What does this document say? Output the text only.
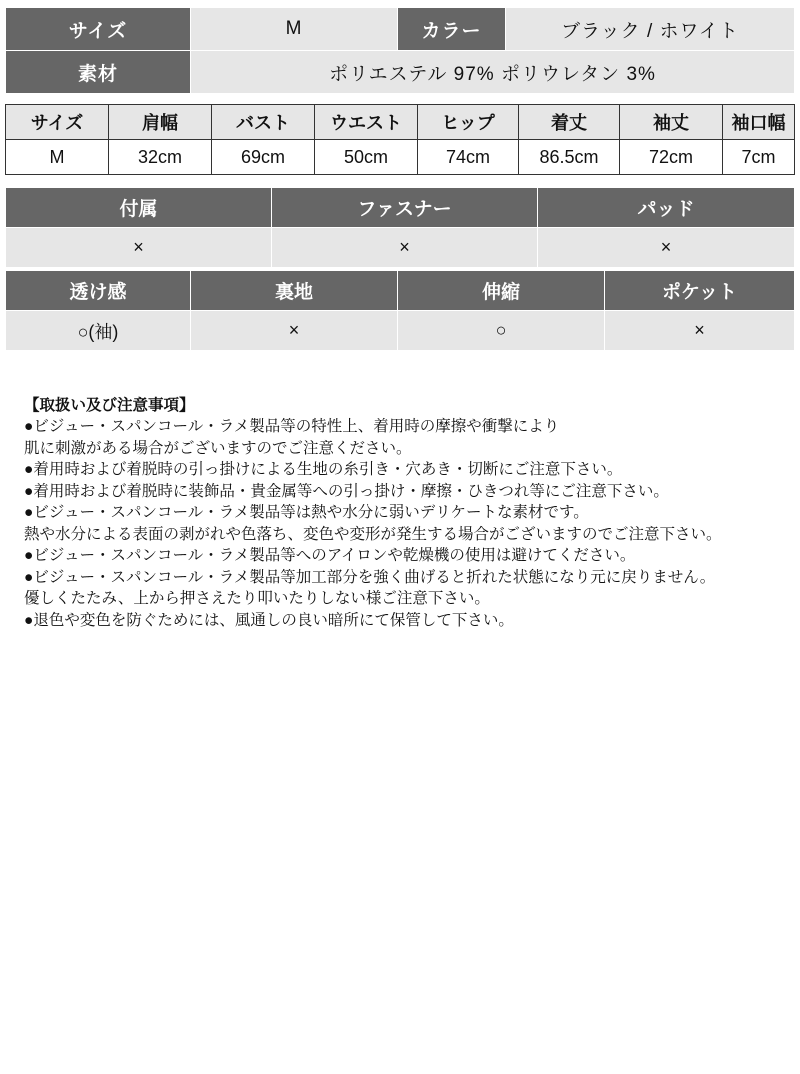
サイズ	M	カラー	ブラック / ホワイト
素材	ポリエステル 97% ポリウレタン 3%		
サイズ	肩幅	バスト	ウエスト	ヒップ	着丈	袖丈	袖口幅
M	32cm	69cm	50cm	74cm	86.5cm	72cm	7cm
付属	ファスナー	パッド
×	×	×
透け感	裏地	伸縮	ポケット
○(袖)	×	○	×
【取扱い及び注意事項】
●ビジュー・スパンコール・ラメ製品等の特性上、着用時の摩擦や衝撃により
肌に刺激がある場合がございますのでご注意ください。
●着用時および着脱時の引っ掛けによる生地の糸引き・穴あき・切断にご注意下さい。
●着用時および着脱時に装飾品・貴金属等への引っ掛け・摩擦・ひきつれ等にご注意下さい。
●ビジュー・スパンコール・ラメ製品等は熱や水分に弱いデリケートな素材です。
熱や水分による表面の剥がれや色落ち、変色や変形が発生する場合がございますのでご注意下さい。
●ビジュー・スパンコール・ラメ製品等へのアイロンや乾燥機の使用は避けてください。
●ビジュー・スパンコール・ラメ製品等加工部分を強く曲げると折れた状態になり元に戻りません。
優しくたたみ、上から押さえたり叩いたりしない様ご注意下さい。
●退色や変色を防ぐためには、風通しの良い暗所にて保管して下さい。
